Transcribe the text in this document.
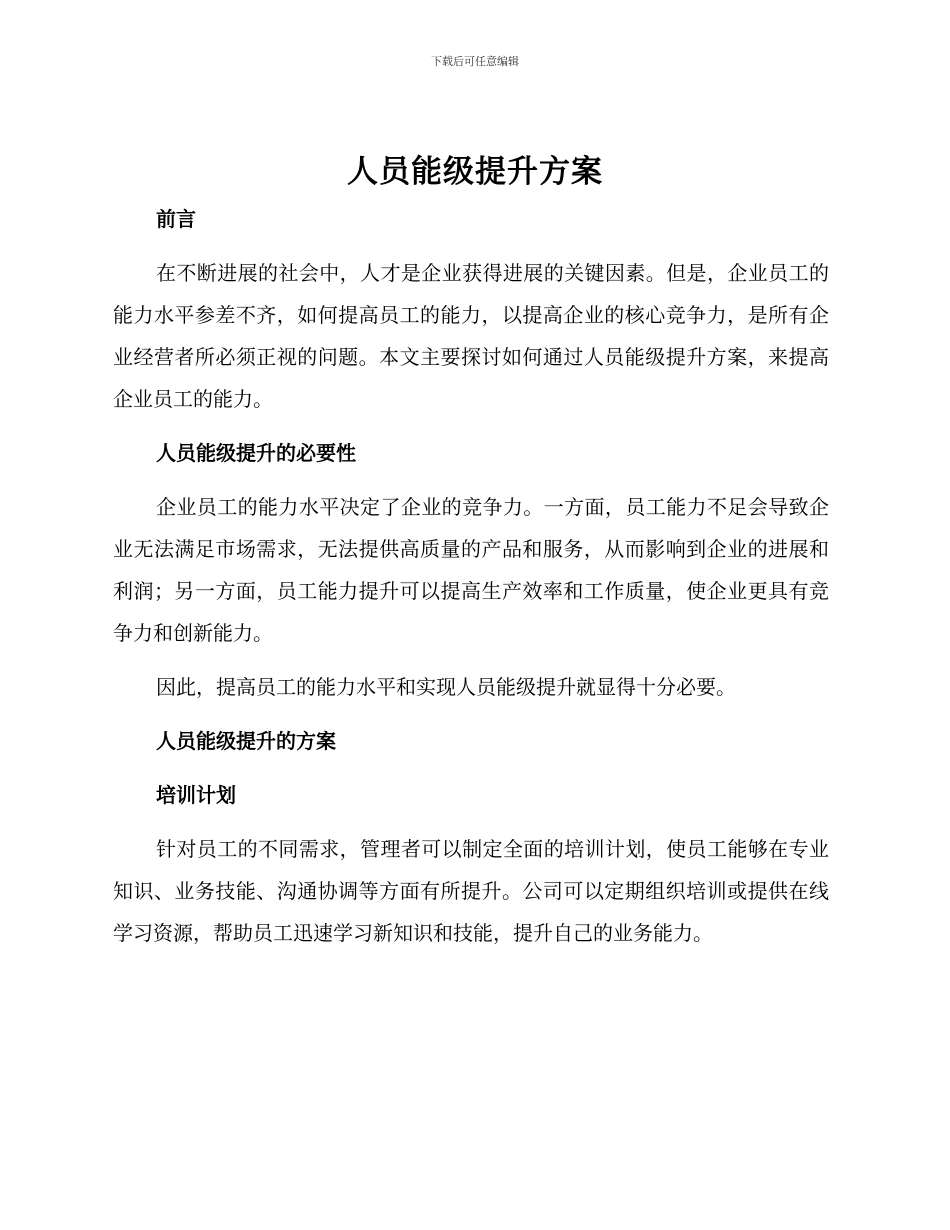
下载后可任意编辑
人员能级提升方案

前言

在不断进展的社会中，人才是企业获得进展的关键因素。但是，企业员工的能力水平参差不齐，如何提高员工的能力，以提高企业的核心竞争力，是所有企业经营者所必须正视的问题。本文主要探讨如何通过人员能级提升方案，来提高企业员工的能力。

人员能级提升的必要性

企业员工的能力水平决定了企业的竞争力。一方面，员工能力不足会导致企业无法满足市场需求，无法提供高质量的产品和服务，从而影响到企业的进展和利润；另一方面，员工能力提升可以提高生产效率和工作质量，使企业更具有竞争力和创新能力。

因此，提高员工的能力水平和实现人员能级提升就显得十分必要。

人员能级提升的方案

培训计划

针对员工的不同需求，管理者可以制定全面的培训计划，使员工能够在专业知识、业务技能、沟通协调等方面有所提升。公司可以定期组织培训或提供在线学习资源，帮助员工迅速学习新知识和技能，提升自己的业务能力。
